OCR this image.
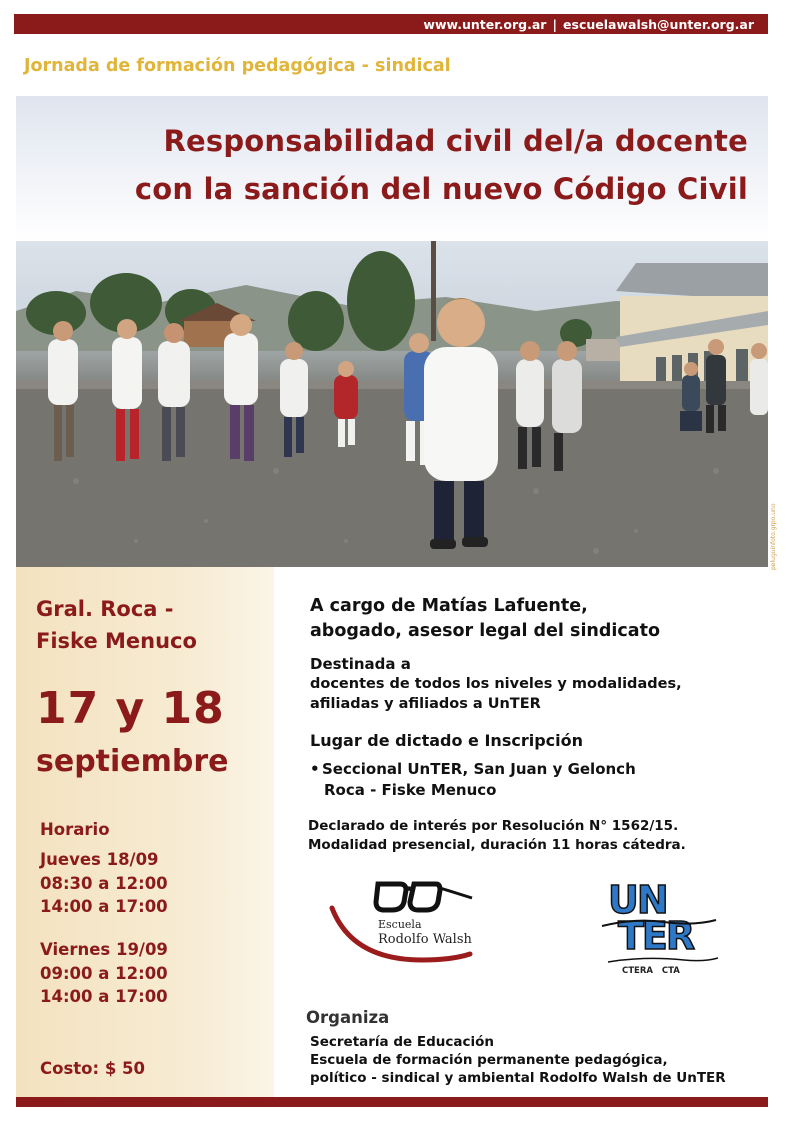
www.unter.org.ar | escuelawalsh@unter.org.ar
Jornada de formación pedagógica - sindical
Responsabilidad civil del/a docente
con la sanción del nuevo Código Civil
peluguinfoto.grpo.uno
Gral. Roca -
Fiske Menuco
17 y 18
septiembre
Horario
Jueves 18/09
08:30 a 12:00
14:00 a 17:00
Viernes 19/09
09:00 a 12:00
14:00 a 17:00
Costo: $ 50
A cargo de Matías Lafuente,
abogado, asesor legal del sindicato
Destinada a
docentes de todos los niveles y modalidades,
afiliadas y afiliados a UnTER
Lugar de dictado e Inscripción
• Seccional UnTER, San Juan y Gelonch
Roca - Fiske Menuco
Declarado de interés por Resolución N° 1562/15.
Modalidad presencial, duración 11 horas cátedra.
Escuela
Rodolfo Walsh
UN
TER
CTERA   CTA
Organiza
Secretaría de Educación
Escuela de formación permanente pedagógica,
político - sindical y ambiental Rodolfo Walsh de UnTER
